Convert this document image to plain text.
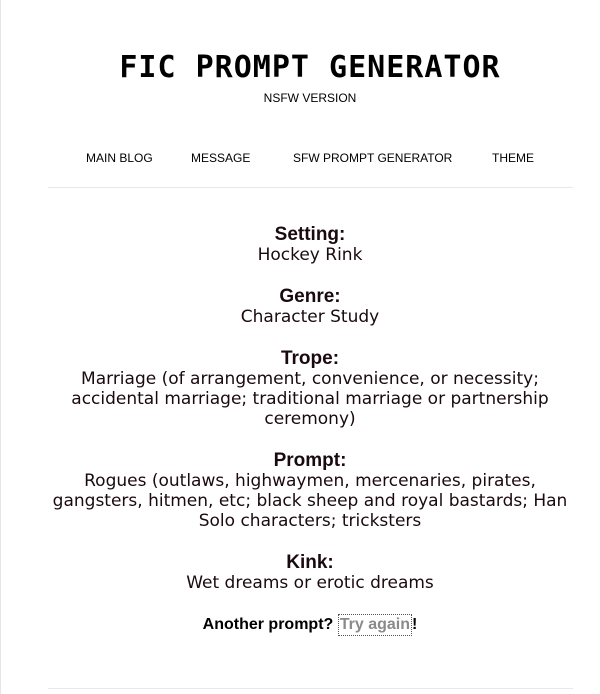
FIC PROMPT GENERATOR
NSFW VERSION
MAIN BLOG	MESSAGE	SFW PROMPT GENERATOR	THEME
Setting:
Hockey Rink
Genre:
Character Study
Trope:
Marriage (of arrangement, convenience, or necessity; accidental marriage; traditional marriage or partnership ceremony)
Prompt:
Rogues (outlaws, highwaymen, mercenaries, pirates, gangsters, hitmen, etc; black sheep and royal bastards; Han Solo characters; tricksters
Kink:
Wet dreams or erotic dreams
Another prompt? Try again !
